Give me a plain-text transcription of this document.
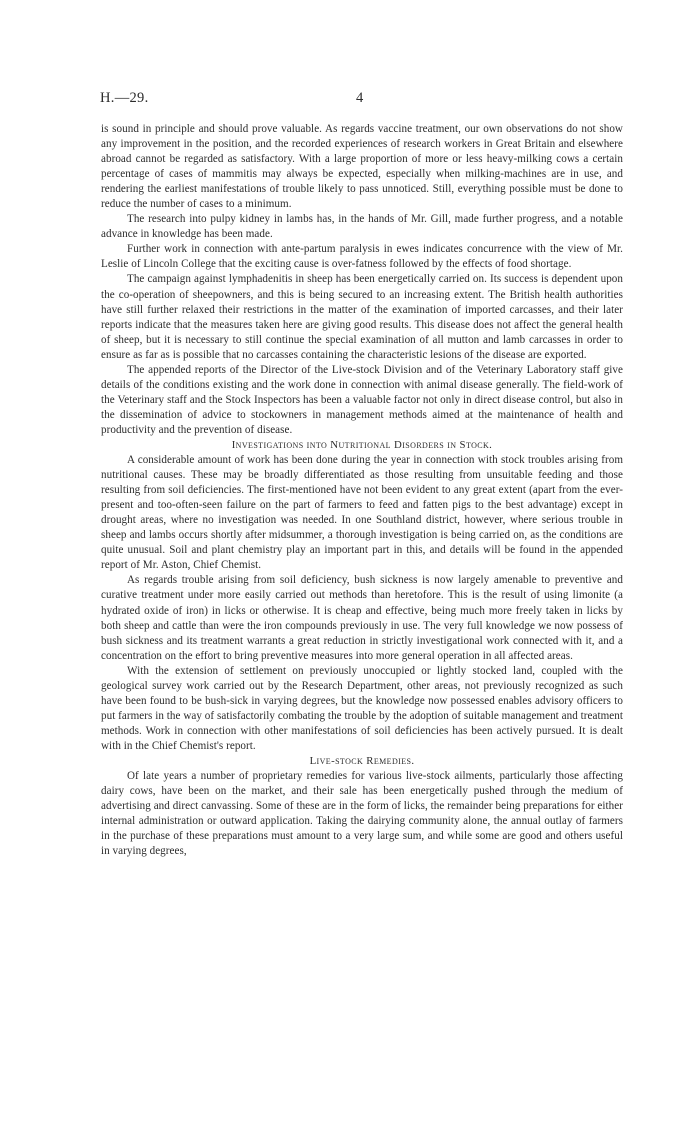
H.—29.	4

is sound in principle and should prove valuable. As regards vaccine treatment, our own observations do not show any improvement in the position, and the recorded experiences of research workers in Great Britain and elsewhere abroad cannot be regarded as satisfactory. With a large proportion of more or less heavy-milking cows a certain percentage of cases of mammitis may always be expected, especially when milking-machines are in use, and rendering the earliest manifestations of trouble likely to pass unnoticed. Still, everything possible must be done to reduce the number of cases to a minimum.

The research into pulpy kidney in lambs has, in the hands of Mr. Gill, made further progress, and a notable advance in knowledge has been made.

Further work in connection with ante-partum paralysis in ewes indicates concurrence with the view of Mr. Leslie of Lincoln College that the exciting cause is over-fatness followed by the effects of food shortage.

The campaign against lymphadenitis in sheep has been energetically carried on. Its success is dependent upon the co-operation of sheepowners, and this is being secured to an increasing extent. The British health authorities have still further relaxed their restrictions in the matter of the examination of imported carcasses, and their later reports indicate that the measures taken here are giving good results. This disease does not affect the general health of sheep, but it is necessary to still continue the special examination of all mutton and lamb carcasses in order to ensure as far as is possible that no carcasses containing the characteristic lesions of the disease are exported.

The appended reports of the Director of the Live-stock Division and of the Veterinary Laboratory staff give details of the conditions existing and the work done in connection with animal disease generally. The field-work of the Veterinary staff and the Stock Inspectors has been a valuable factor not only in direct disease control, but also in the dissemination of advice to stockowners in management methods aimed at the maintenance of health and productivity and the prevention of disease.

Investigations into Nutritional Disorders in Stock.

A considerable amount of work has been done during the year in connection with stock troubles arising from nutritional causes. These may be broadly differentiated as those resulting from unsuitable feeding and those resulting from soil deficiencies. The first-mentioned have not been evident to any great extent (apart from the ever-present and too-often-seen failure on the part of farmers to feed and fatten pigs to the best advantage) except in drought areas, where no investigation was needed. In one Southland district, however, where serious trouble in sheep and lambs occurs shortly after midsummer, a thorough investigation is being carried on, as the conditions are quite unusual. Soil and plant chemistry play an important part in this, and details will be found in the appended report of Mr. Aston, Chief Chemist.

As regards trouble arising from soil deficiency, bush sickness is now largely amenable to preventive and curative treatment under more easily carried out methods than heretofore. This is the result of using limonite (a hydrated oxide of iron) in licks or otherwise. It is cheap and effective, being much more freely taken in licks by both sheep and cattle than were the iron compounds previously in use. The very full knowledge we now possess of bush sickness and its treatment warrants a great reduction in strictly investigational work connected with it, and a concentration on the effort to bring preventive measures into more general operation in all affected areas.

With the extension of settlement on previously unoccupied or lightly stocked land, coupled with the geological survey work carried out by the Research Department, other areas, not previously recognized as such have been found to be bush-sick in varying degrees, but the knowledge now possessed enables advisory officers to put farmers in the way of satisfactorily combating the trouble by the adoption of suitable management and treatment methods. Work in connection with other manifestations of soil deficiencies has been actively pursued. It is dealt with in the Chief Chemist's report.

Live-stock Remedies.

Of late years a number of proprietary remedies for various live-stock ailments, particularly those affecting dairy cows, have been on the market, and their sale has been energetically pushed through the medium of advertising and direct canvassing. Some of these are in the form of licks, the remainder being preparations for either internal administration or outward application. Taking the dairying community alone, the annual outlay of farmers in the purchase of these preparations must amount to a very large sum, and while some are good and others useful in varying degrees,
